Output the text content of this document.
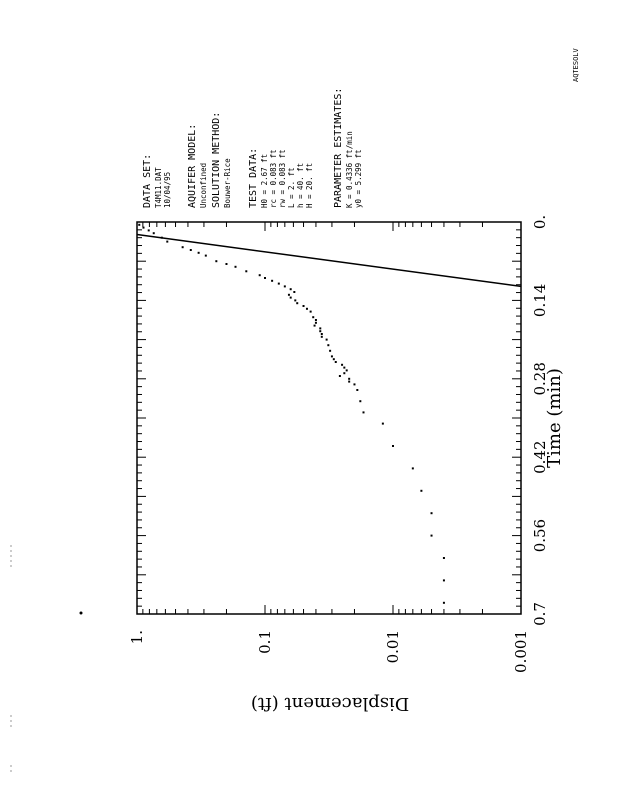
0.
0.14
0.28
0.42
0.56
0.7
1.	0.1	0.01	0.001
Time (min)
Displacement (ft)
AQTESOLV
DATA SET: T4M11.DAT 10/04/95 AQUIFER MODEL: Unconfined SOLUTION METHOD: Bouwer-Rice TEST DATA: H0 = 2.67 ft rc = 0.083 ft rw = 0.083 ft L = 2. ft h = 40. ft H = 20. ft PARAMETER ESTIMATES: K = 0.4336 ft/min y0 = 5.299 ft
